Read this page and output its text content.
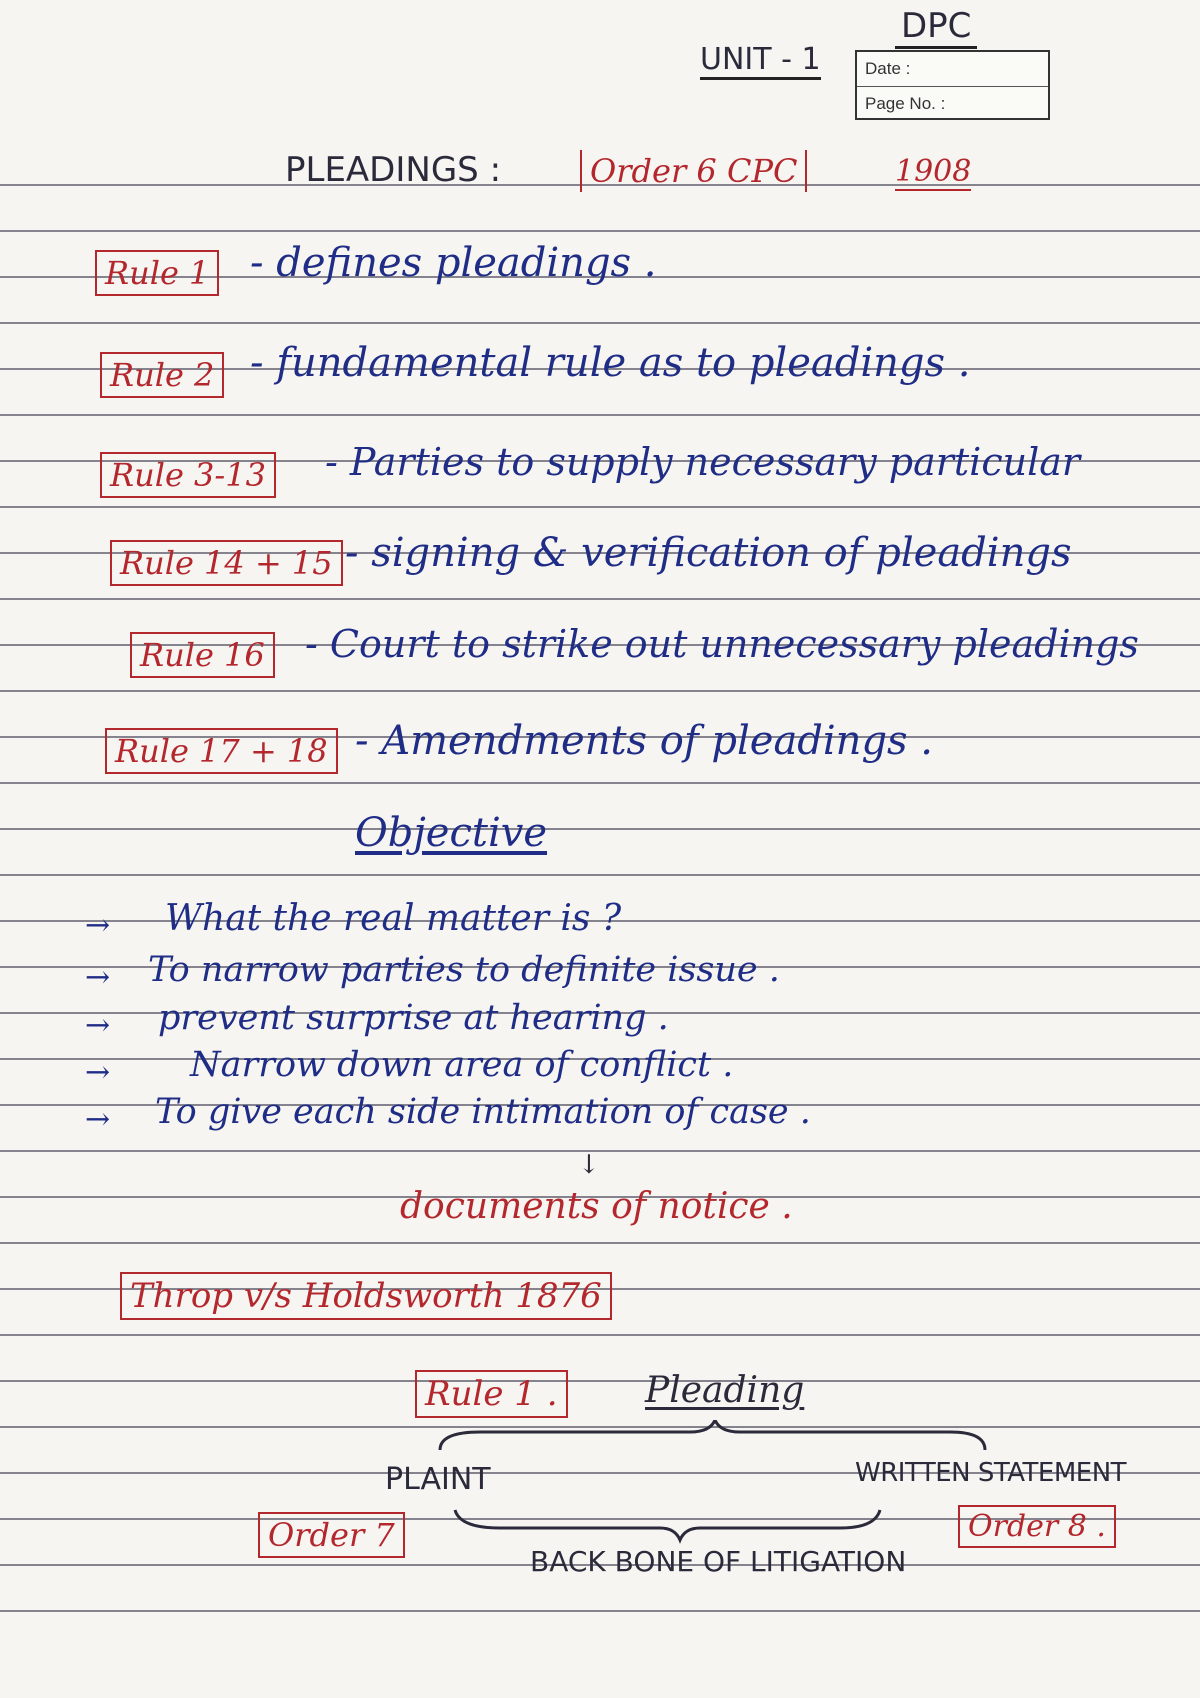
DPC
UNIT - 1	Date :
Page No. :
PLEADINGS :	Order 6 CPC	1908
Rule 1 - defines pleadings .
Rule 2 - fundamental rule as to pleadings .
Rule 3-13 - Parties to supply necessary particular
Rule 14 + 15 - signing & verification of pleadings
Rule 16 - Court to strike out unnecessary pleadings
Rule 17 + 18 - Amendments of pleadings .
Objective
→ What the real matter is ?
→ To narrow parties to definite issue .
→ prevent surprise at hearing .
→ Narrow down area of conflict .
→ To give each side intimation of case .
↓
documents of notice .
Throp v/s Holdsworth 1876
Rule 1 . Pleading
PLAINT	WRITTEN STATEMENT
Order 7	Order 8 .
BACK BONE OF LITIGATION
